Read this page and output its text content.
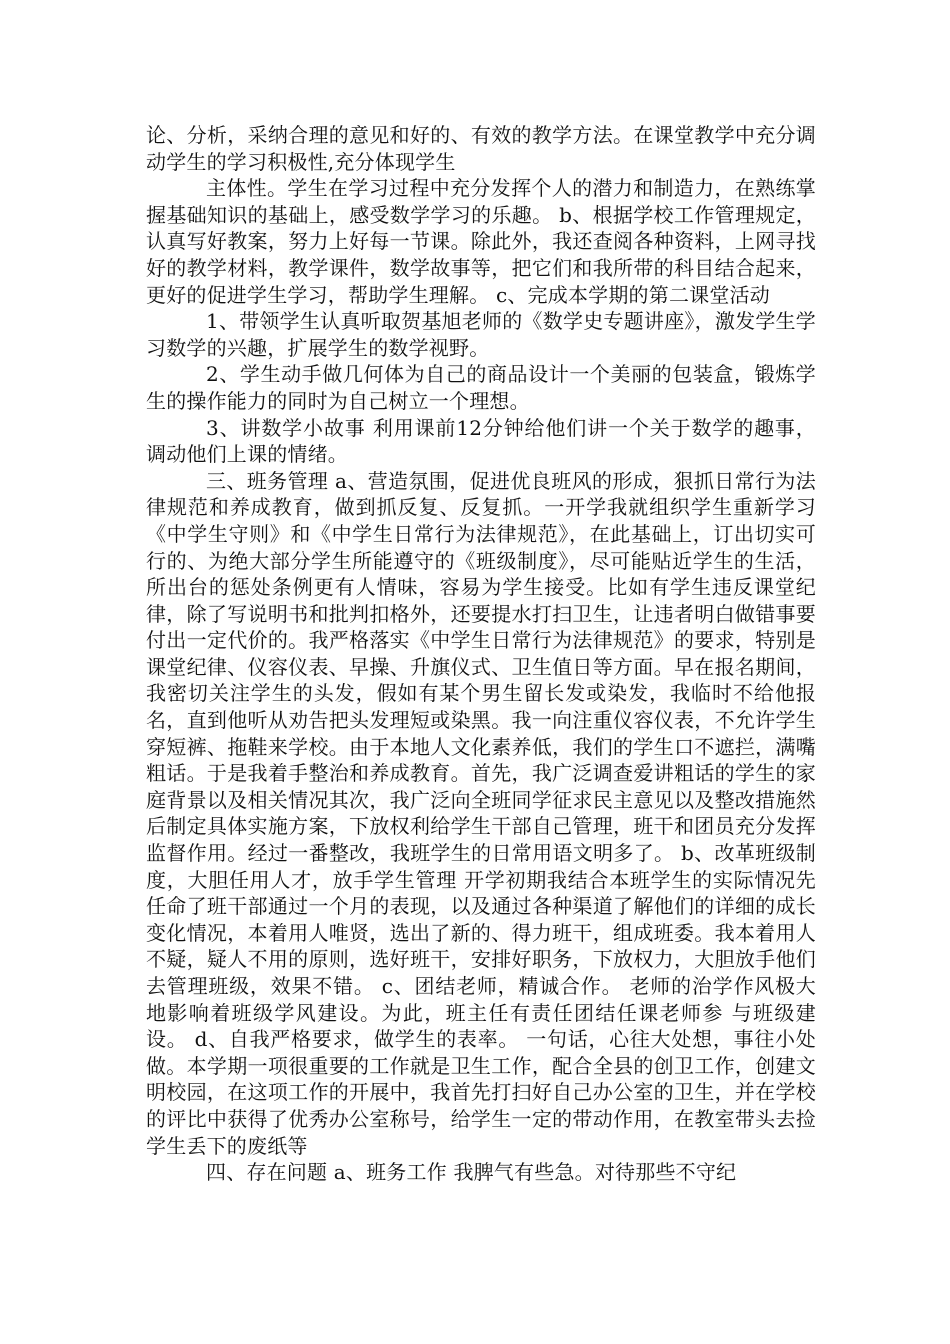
论、分析，采纳合理的意见和好的、有效的教学方法。在课堂教学中充分调动学生的学习积极性,充分体现学生

主体性。学生在学习过程中充分发挥个人的潜力和制造力，在熟练掌握基础知识的基础上，感受数学学习的乐趣。 b、根据学校工作管理规定，认真写好教案，努力上好每一节课。除此外，我还查阅各种资料，上网寻找好的教学材料，教学课件，数学故事等，把它们和我所带的科目结合起来，更好的促进学生学习，帮助学生理解。 c、完成本学期的第二课堂活动

1、带领学生认真听取贺基旭老师的《数学史专题讲座》，激发学生学习数学的兴趣，扩展学生的数学视野。

2、学生动手做几何体为自己的商品设计一个美丽的包装盒，锻炼学生的操作能力的同时为自己树立一个理想。

3、讲数学小故事 利用课前12分钟给他们讲一个关于数学的趣事，调动他们上课的情绪。

三、班务管理 a、营造氛围，促进优良班风的形成，狠抓日常行为法律规范和养成教育，做到抓反复、反复抓。一开学我就组织学生重新学习《中学生守则》和《中学生日常行为法律规范》，在此基础上，订出切实可行的、为绝大部分学生所能遵守的《班级制度》，尽可能贴近学生的生活，所出台的惩处条例更有人情味，容易为学生接受。比如有学生违反课堂纪律，除了写说明书和批判扣格外，还要提水打扫卫生，让违者明白做错事要付出一定代价的。我严格落实《中学生日常行为法律规范》的要求，特别是课堂纪律、仪容仪表、早操、升旗仪式、卫生值日等方面。早在报名期间，我密切关注学生的头发，假如有某个男生留长发或染发，我临时不给他报名，直到他听从劝告把头发理短或染黑。我一向注重仪容仪表，不允许学生穿短裤、拖鞋来学校。由于本地人文化素养低，我们的学生口不遮拦，满嘴粗话。于是我着手整治和养成教育。首先，我广泛调查爱讲粗话的学生的家庭背景以及相关情况其次，我广泛向全班同学征求民主意见以及整改措施然后制定具体实施方案，下放权利给学生干部自己管理，班干和团员充分发挥监督作用。经过一番整改，我班学生的日常用语文明多了。 b、改革班级制度，大胆任用人才，放手学生管理 开学初期我结合本班学生的实际情况先任命了班干部通过一个月的表现，以及通过各种渠道了解他们的详细的成长变化情况，本着用人唯贤，选出了新的、得力班干，组成班委。我本着用人不疑，疑人不用的原则，选好班干，安排好职务，下放权力，大胆放手他们去管理班级，效果不错。 c、团结老师，精诚合作。 老师的治学作风极大地影响着班级学风建设。为此，班主任有责任团结任课老师参 与班级建设。 d、自我严格要求，做学生的表率。 一句话，心往大处想，事往小处做。本学期一项很重要的工作就是卫生工作，配合全县的创卫工作，创建文明校园，在这项工作的开展中，我首先打扫好自己办公室的卫生，并在学校的评比中获得了优秀办公室称号，给学生一定的带动作用，在教室带头去捡学生丢下的废纸等

四、存在问题 a、班务工作 我脾气有些急。对待那些不守纪
